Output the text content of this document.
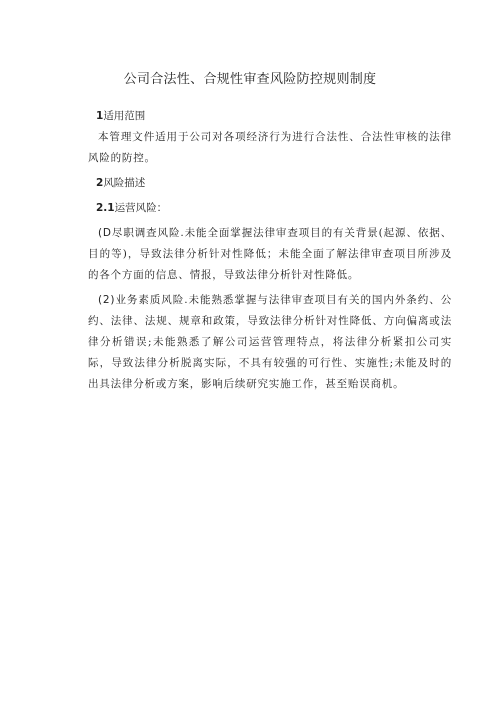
公司合法性、合规性审查风险防控规则制度

1适用范围

本管理文件适用于公司对各项经济行为进行合法性、合法性审核的法律风险的防控。

2风险描述

2.1运营风险：

(D尽职调查风险.未能全面掌握法律审查项目的有关背景(起源、依据、目的等)，导致法律分析针对性降低；未能全面了解法律审查项目所涉及的各个方面的信息、情报，导致法律分析针对性降低。

(2)业务素质风险.未能熟悉掌握与法律审查项目有关的国内外条约、公约、法律、法规、规章和政策，导致法律分析针对性降低、方向偏离或法律分析错误;未能熟悉了解公司运营管理特点，将法律分析紧扣公司实际，导致法律分析脱离实际，不具有较强的可行性、实施性;未能及时的出具法律分析或方案，影响后续研究实施工作，甚至贻误商机。
